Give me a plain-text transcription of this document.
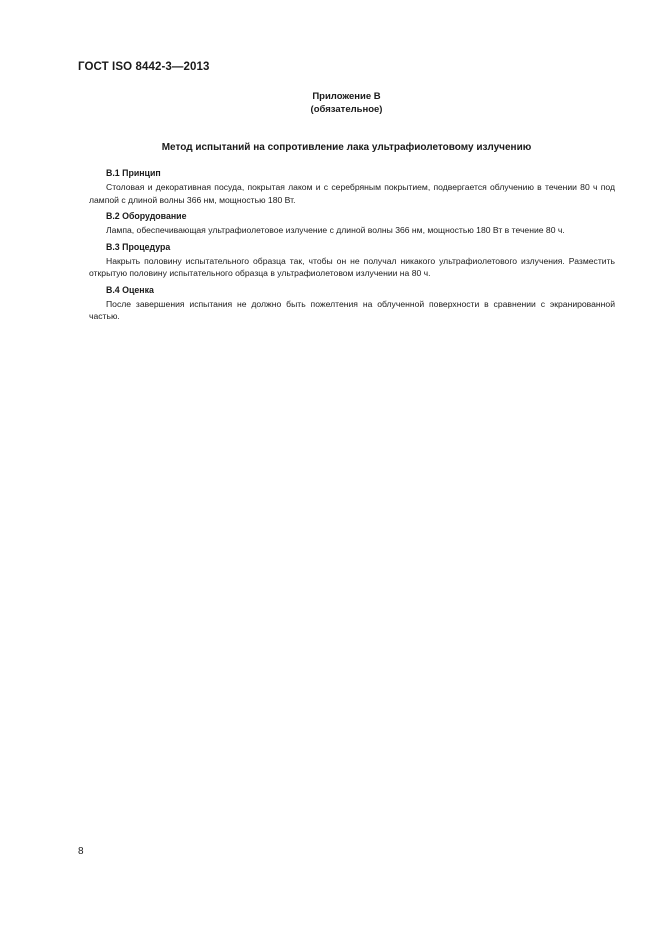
ГОСТ ISO 8442-3—2013
Приложение В
(обязательное)
Метод испытаний на сопротивление лака ультрафиолетовому излучению
В.1 Принцип
Столовая и декоративная посуда, покрытая лаком и с серебряным покрытием, подвергается облучению в течении 80 ч под лампой с длиной волны 366 нм, мощностью 180 Вт.
В.2 Оборудование
Лампа, обеспечивающая ультрафиолетовое излучение с длиной волны 366 нм, мощностью 180 Вт в течение 80 ч.
В.3 Процедура
Накрыть половину испытательного образца так, чтобы он не получал никакого ультрафиолетового излучения. Разместить открытую половину испытательного образца в ультрафиолетовом излучении на 80 ч.
В.4 Оценка
После завершения испытания не должно быть пожелтения на облученной поверхности в сравнении с экранированной частью.
8
